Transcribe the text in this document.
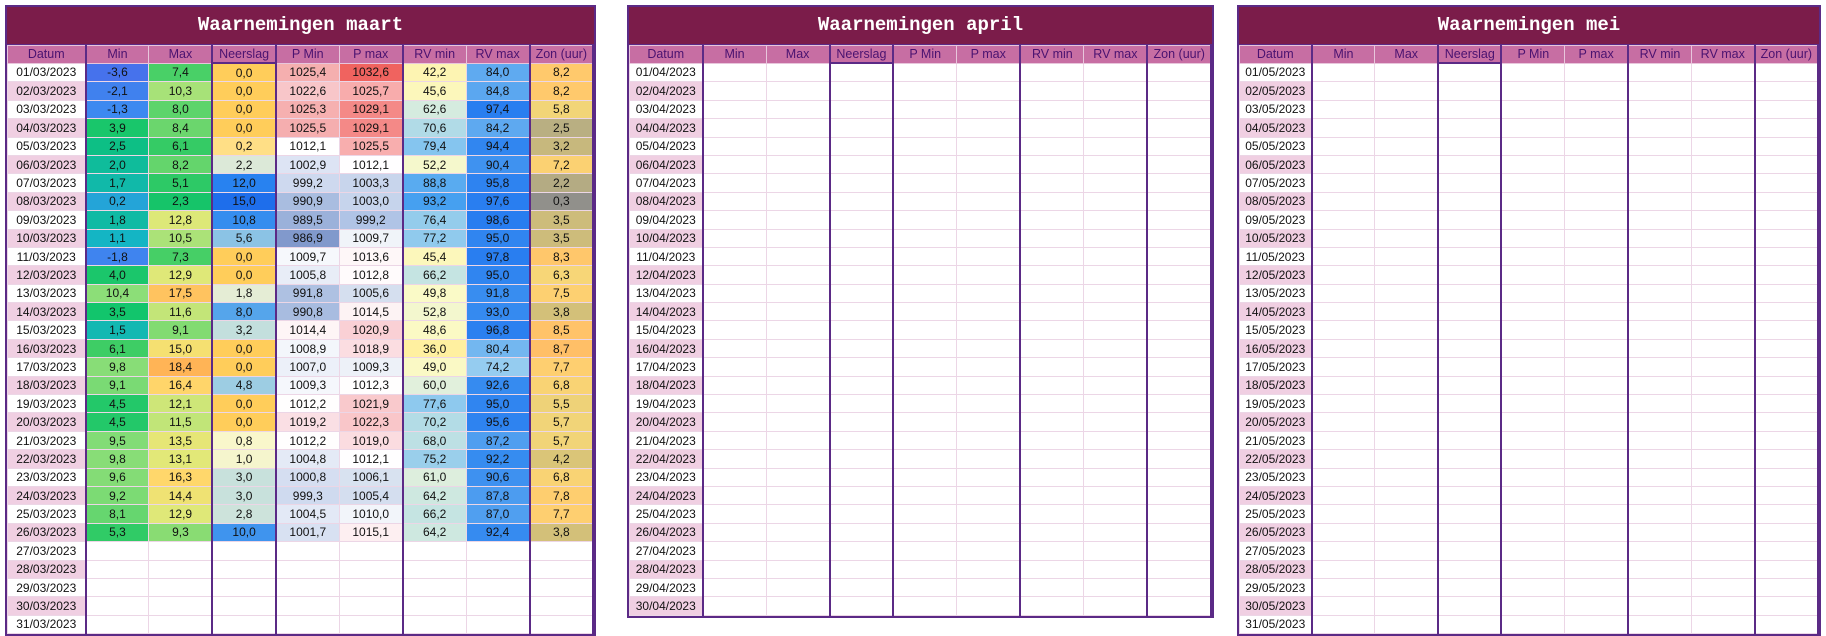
Waarnemingen maart
Datum	Min	Max	Neerslag	P Min	P max	RV min	RV max	Zon (uur)
01/03/2023	-3,6	7,4	0,0	1025,4	1032,6	42,2	84,0	8,2
02/03/2023	-2,1	10,3	0,0	1022,6	1025,7	45,6	84,8	8,2
03/03/2023	-1,3	8,0	0,0	1025,3	1029,1	62,6	97,4	5,8
04/03/2023	3,9	8,4	0,0	1025,5	1029,1	70,6	84,2	2,5
05/03/2023	2,5	6,1	0,2	1012,1	1025,5	79,4	94,4	3,2
06/03/2023	2,0	8,2	2,2	1002,9	1012,1	52,2	90,4	7,2
07/03/2023	1,7	5,1	12,0	999,2	1003,3	88,8	95,8	2,2
08/03/2023	0,2	2,3	15,0	990,9	1003,0	93,2	97,6	0,3
09/03/2023	1,8	12,8	10,8	989,5	999,2	76,4	98,6	3,5
10/03/2023	1,1	10,5	5,6	986,9	1009,7	77,2	95,0	3,5
11/03/2023	-1,8	7,3	0,0	1009,7	1013,6	45,4	97,8	8,3
12/03/2023	4,0	12,9	0,0	1005,8	1012,8	66,2	95,0	6,3
13/03/2023	10,4	17,5	1,8	991,8	1005,6	49,8	91,8	7,5
14/03/2023	3,5	11,6	8,0	990,8	1014,5	52,8	93,0	3,8
15/03/2023	1,5	9,1	3,2	1014,4	1020,9	48,6	96,8	8,5
16/03/2023	6,1	15,0	0,0	1008,9	1018,9	36,0	80,4	8,7
17/03/2023	9,8	18,4	0,0	1007,0	1009,3	49,0	74,2	7,7
18/03/2023	9,1	16,4	4,8	1009,3	1012,3	60,0	92,6	6,8
19/03/2023	4,5	12,1	0,0	1012,2	1021,9	77,6	95,0	5,5
20/03/2023	4,5	11,5	0,0	1019,2	1022,3	70,2	95,6	5,7
21/03/2023	9,5	13,5	0,8	1012,2	1019,0	68,0	87,2	5,7
22/03/2023	9,8	13,1	1,0	1004,8	1012,1	75,2	92,2	4,2
23/03/2023	9,6	16,3	3,0	1000,8	1006,1	61,0	90,6	6,8
24/03/2023	9,2	14,4	3,0	999,3	1005,4	64,2	87,8	7,8
25/03/2023	8,1	12,9	2,8	1004,5	1010,0	66,2	87,0	7,7
26/03/2023	5,3	9,3	10,0	1001,7	1015,1	64,2	92,4	3,8
27/03/2023								
28/03/2023								
29/03/2023								
30/03/2023								
31/03/2023								
Waarnemingen april
Datum	Min	Max	Neerslag	P Min	P max	RV min	RV max	Zon (uur)
01/04/2023								
02/04/2023								
03/04/2023								
04/04/2023								
05/04/2023								
06/04/2023								
07/04/2023								
08/04/2023								
09/04/2023								
10/04/2023								
11/04/2023								
12/04/2023								
13/04/2023								
14/04/2023								
15/04/2023								
16/04/2023								
17/04/2023								
18/04/2023								
19/04/2023								
20/04/2023								
21/04/2023								
22/04/2023								
23/04/2023								
24/04/2023								
25/04/2023								
26/04/2023								
27/04/2023								
28/04/2023								
29/04/2023								
30/04/2023								
Waarnemingen mei
Datum	Min	Max	Neerslag	P Min	P max	RV min	RV max	Zon (uur)
01/05/2023								
02/05/2023								
03/05/2023								
04/05/2023								
05/05/2023								
06/05/2023								
07/05/2023								
08/05/2023								
09/05/2023								
10/05/2023								
11/05/2023								
12/05/2023								
13/05/2023								
14/05/2023								
15/05/2023								
16/05/2023								
17/05/2023								
18/05/2023								
19/05/2023								
20/05/2023								
21/05/2023								
22/05/2023								
23/05/2023								
24/05/2023								
25/05/2023								
26/05/2023								
27/05/2023								
28/05/2023								
29/05/2023								
30/05/2023								
31/05/2023								
